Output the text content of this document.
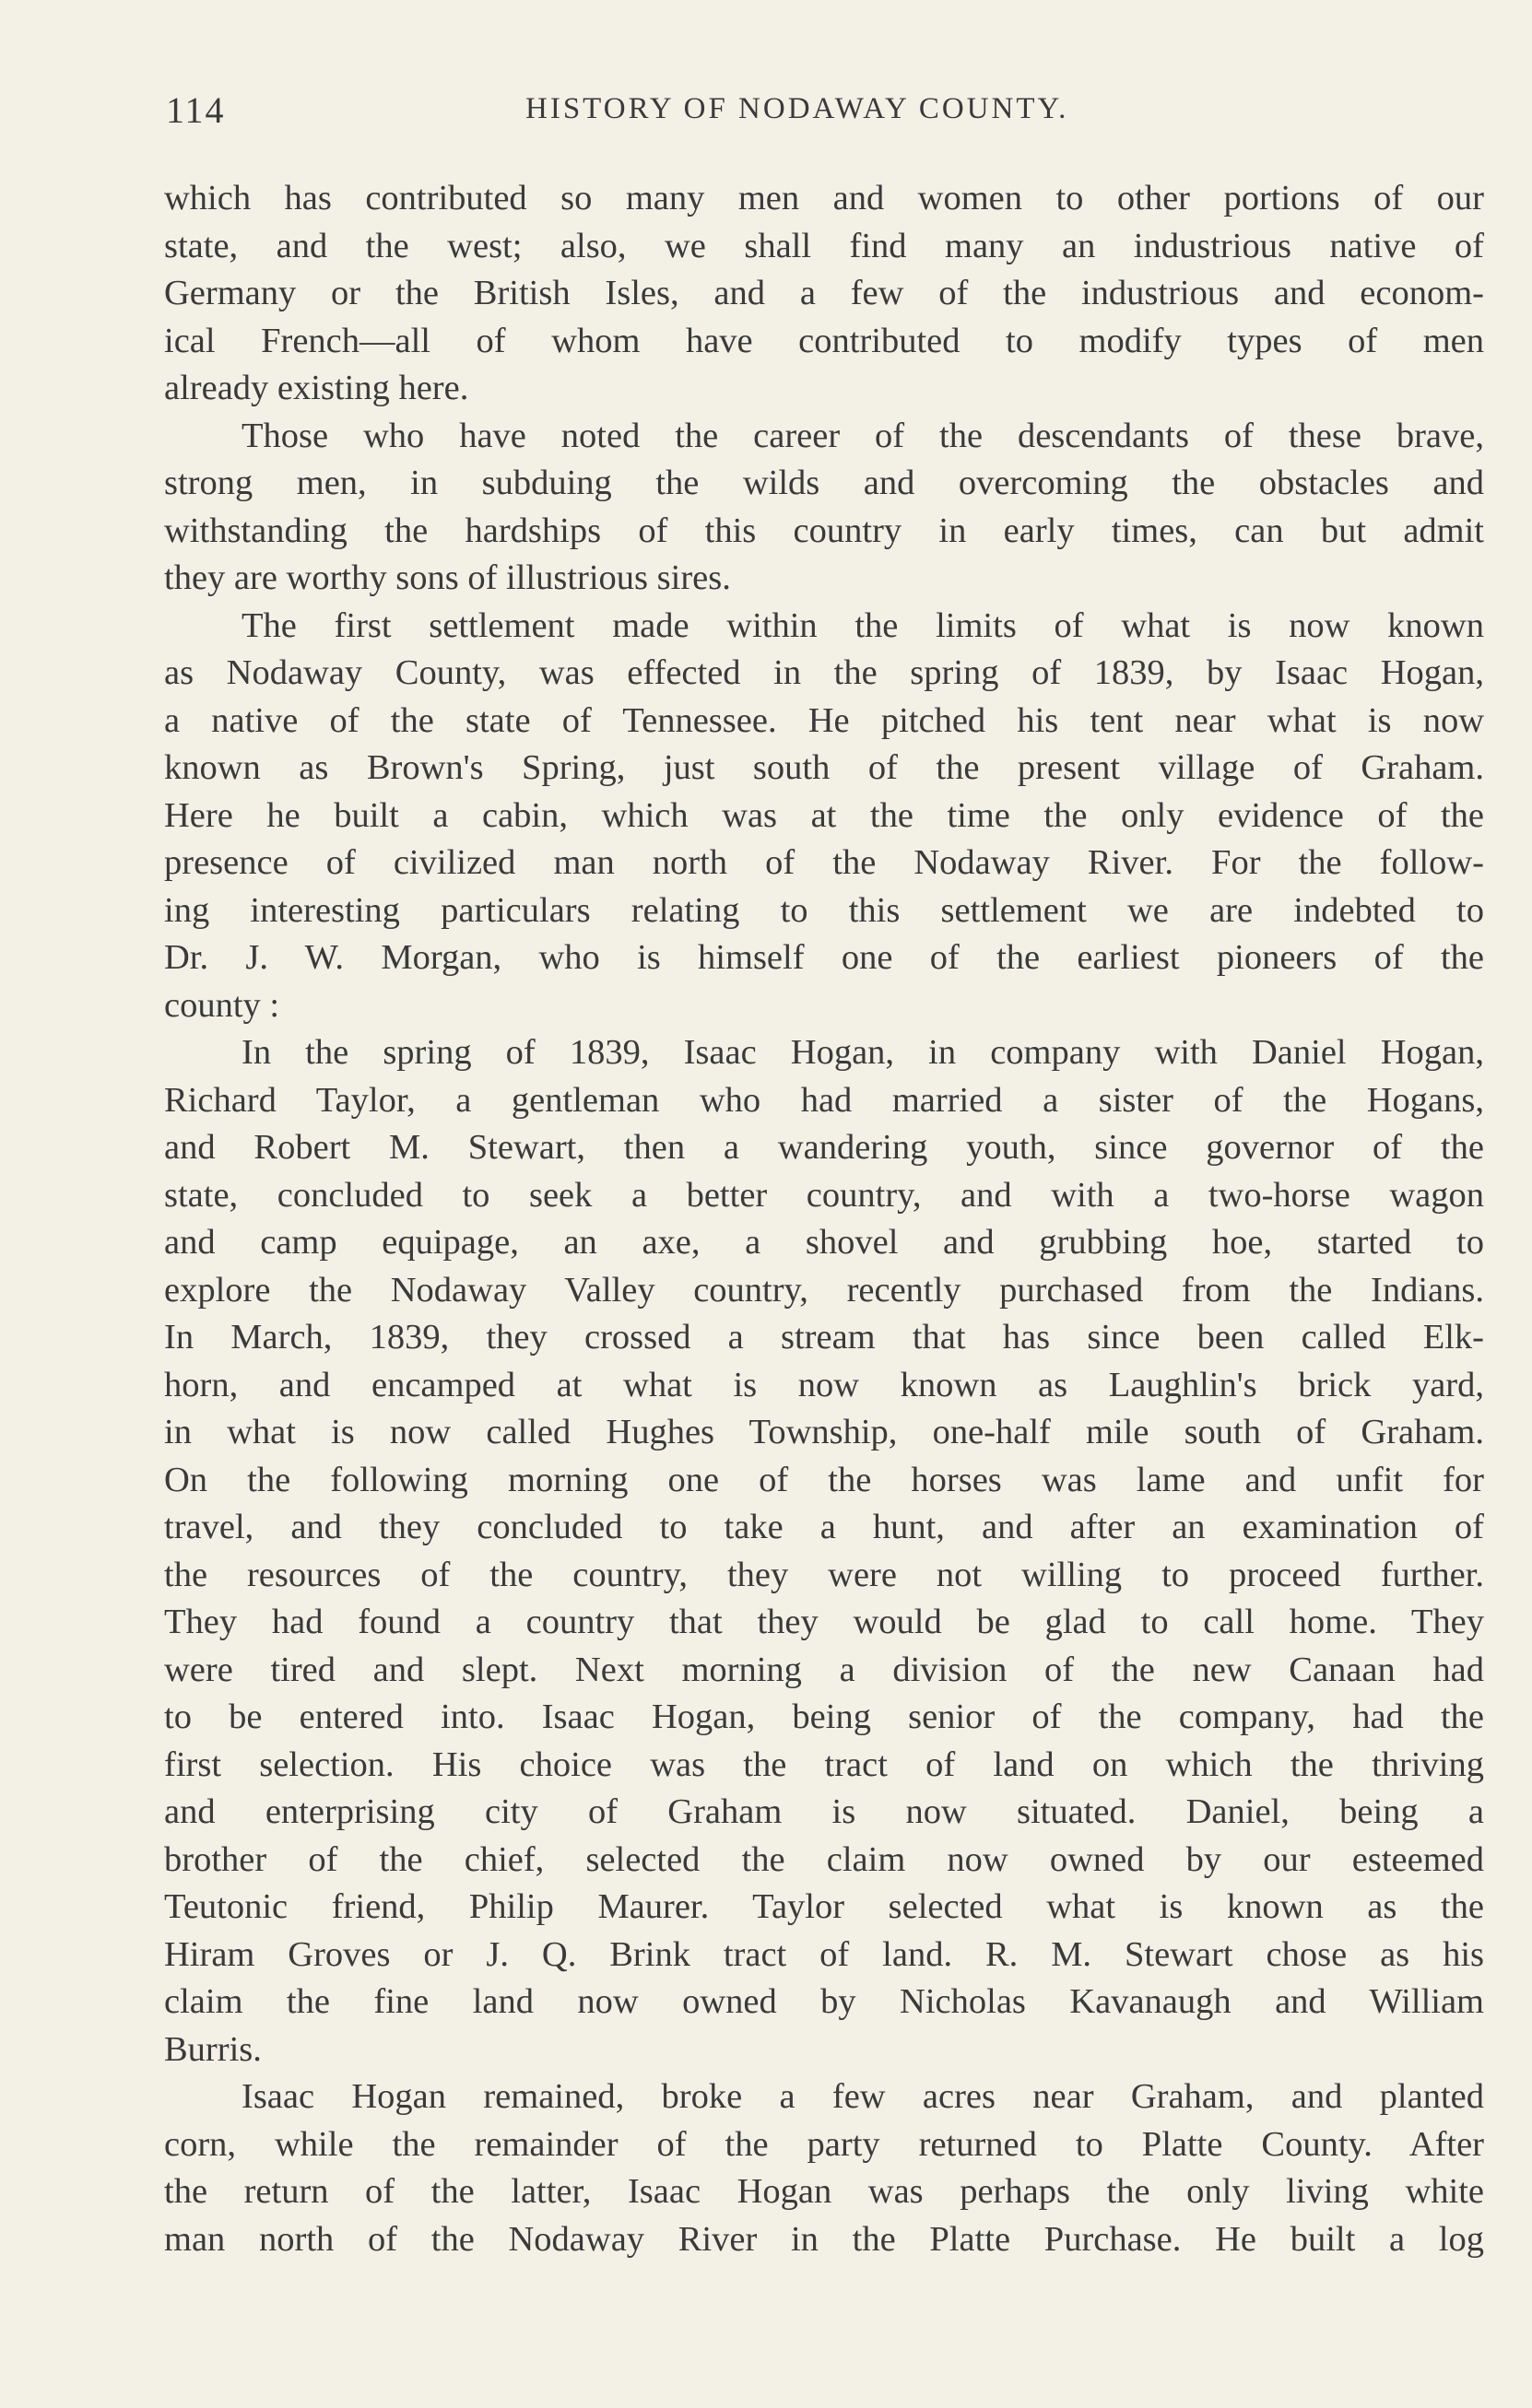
114	HISTORY OF NODAWAY COUNTY.
which has contributed so many men and women to other portions of our
state, and the west; also, we shall find many an industrious native of
Germany or the British Isles, and a few of the industrious and econom-
ical French—all of whom have contributed to modify types of men
already existing here.
Those who have noted the career of the descendants of these brave,
strong men, in subduing the wilds and overcoming the obstacles and
withstanding the hardships of this country in early times, can but admit
they are worthy sons of illustrious sires.
The first settlement made within the limits of what is now known
as Nodaway County, was effected in the spring of 1839, by Isaac Hogan,
a native of the state of Tennessee. He pitched his tent near what is now
known as Brown's Spring, just south of the present village of Graham.
Here he built a cabin, which was at the time the only evidence of the
presence of civilized man north of the Nodaway River. For the follow-
ing interesting particulars relating to this settlement we are indebted to
Dr. J. W. Morgan, who is himself one of the earliest pioneers of the
county :
In the spring of 1839, Isaac Hogan, in company with Daniel Hogan,
Richard Taylor, a gentleman who had married a sister of the Hogans,
and Robert M. Stewart, then a wandering youth, since governor of the
state, concluded to seek a better country, and with a two-horse wagon
and camp equipage, an axe, a shovel and grubbing hoe, started to
explore the Nodaway Valley country, recently purchased from the Indians.
In March, 1839, they crossed a stream that has since been called Elk-
horn, and encamped at what is now known as Laughlin's brick yard,
in what is now called Hughes Township, one-half mile south of Graham.
On the following morning one of the horses was lame and unfit for
travel, and they concluded to take a hunt, and after an examination of
the resources of the country, they were not willing to proceed further.
They had found a country that they would be glad to call home. They
were tired and slept. Next morning a division of the new Canaan had
to be entered into. Isaac Hogan, being senior of the company, had the
first selection. His choice was the tract of land on which the thriving
and enterprising city of Graham is now situated. Daniel, being a
brother of the chief, selected the claim now owned by our esteemed
Teutonic friend, Philip Maurer. Taylor selected what is known as the
Hiram Groves or J. Q. Brink tract of land. R. M. Stewart chose as his
claim the fine land now owned by Nicholas Kavanaugh and William
Burris.
Isaac Hogan remained, broke a few acres near Graham, and planted
corn, while the remainder of the party returned to Platte County. After
the return of the latter, Isaac Hogan was perhaps the only living white
man north of the Nodaway River in the Platte Purchase. He built a log
